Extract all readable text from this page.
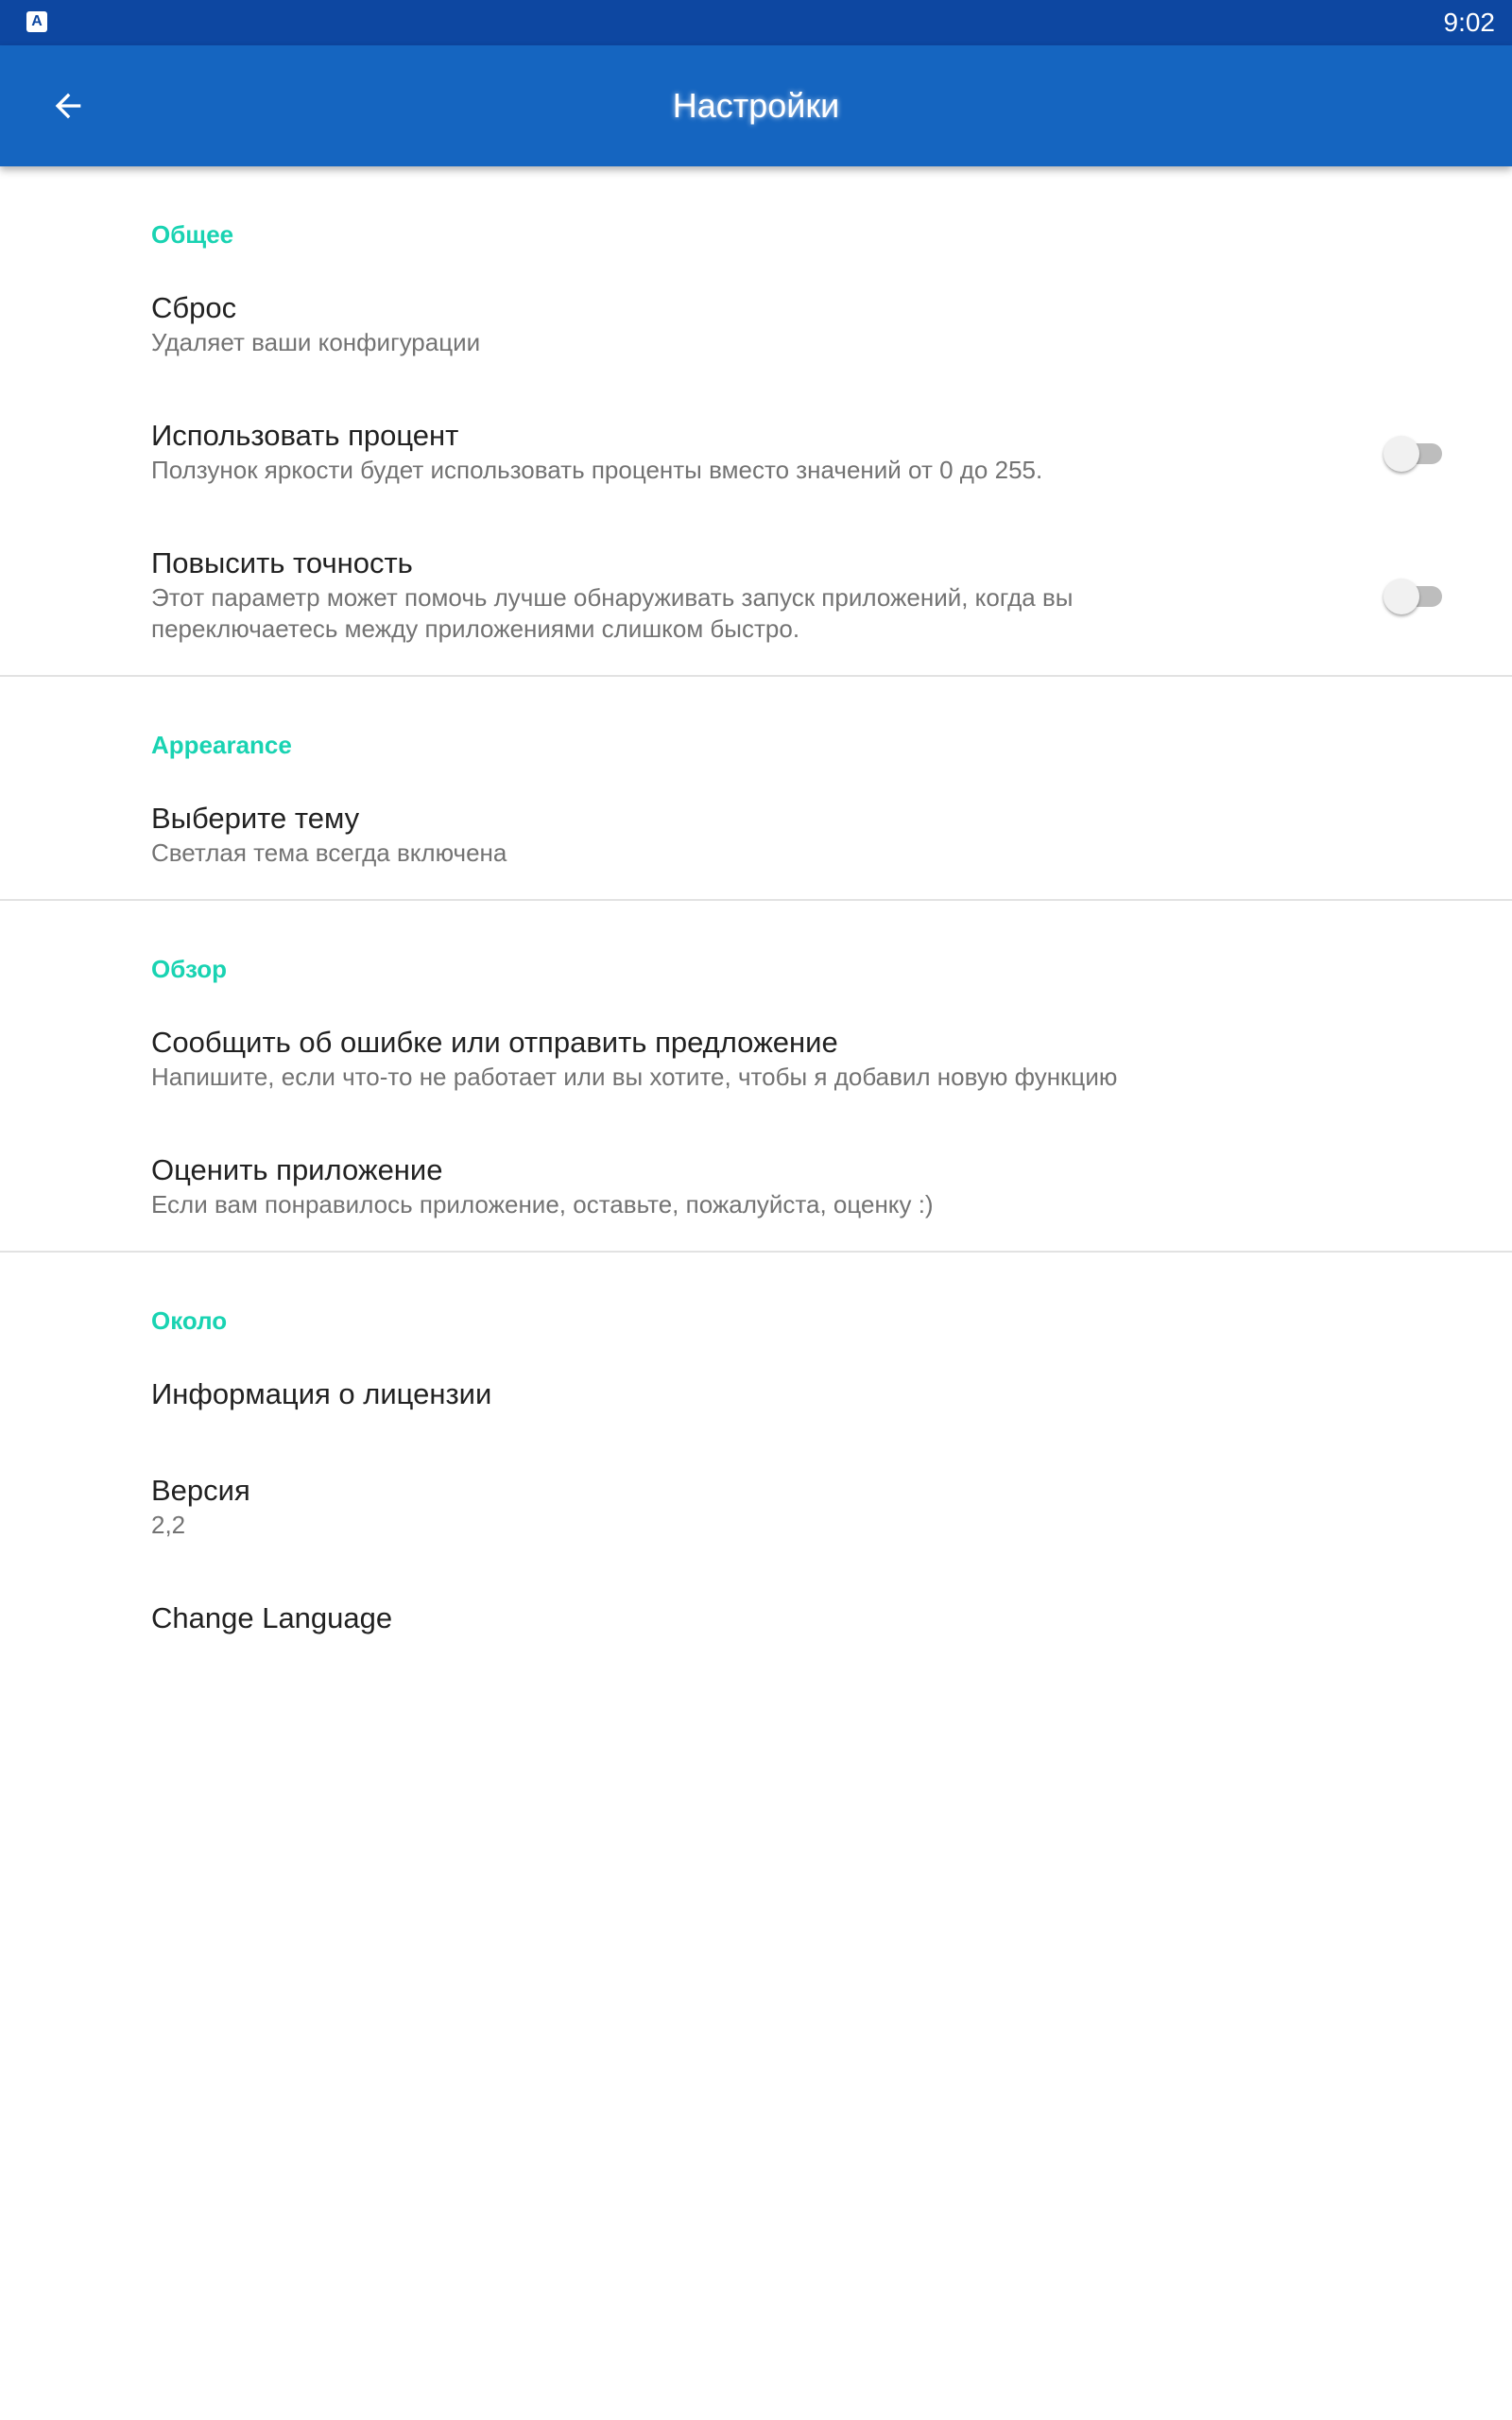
A	9:02
Настройки
Общее
Сброс
Удаляет ваши конфигурации
Использовать процент
Ползунок яркости будет использовать проценты вместо значений от 0 до 255.
Повысить точность
Этот параметр может помочь лучше обнаруживать запуск приложений, когда вы переключаетесь между приложениями слишком быстро.
Appearance
Выберите тему
Светлая тема всегда включена
Обзор
Сообщить об ошибке или отправить предложение
Напишите, если что-то не работает или вы хотите, чтобы я добавил новую функцию
Оценить приложение
Если вам понравилось приложение, оставьте, пожалуйста, оценку :)
Около
Информация о лицензии
Версия
2,2
Change Language
